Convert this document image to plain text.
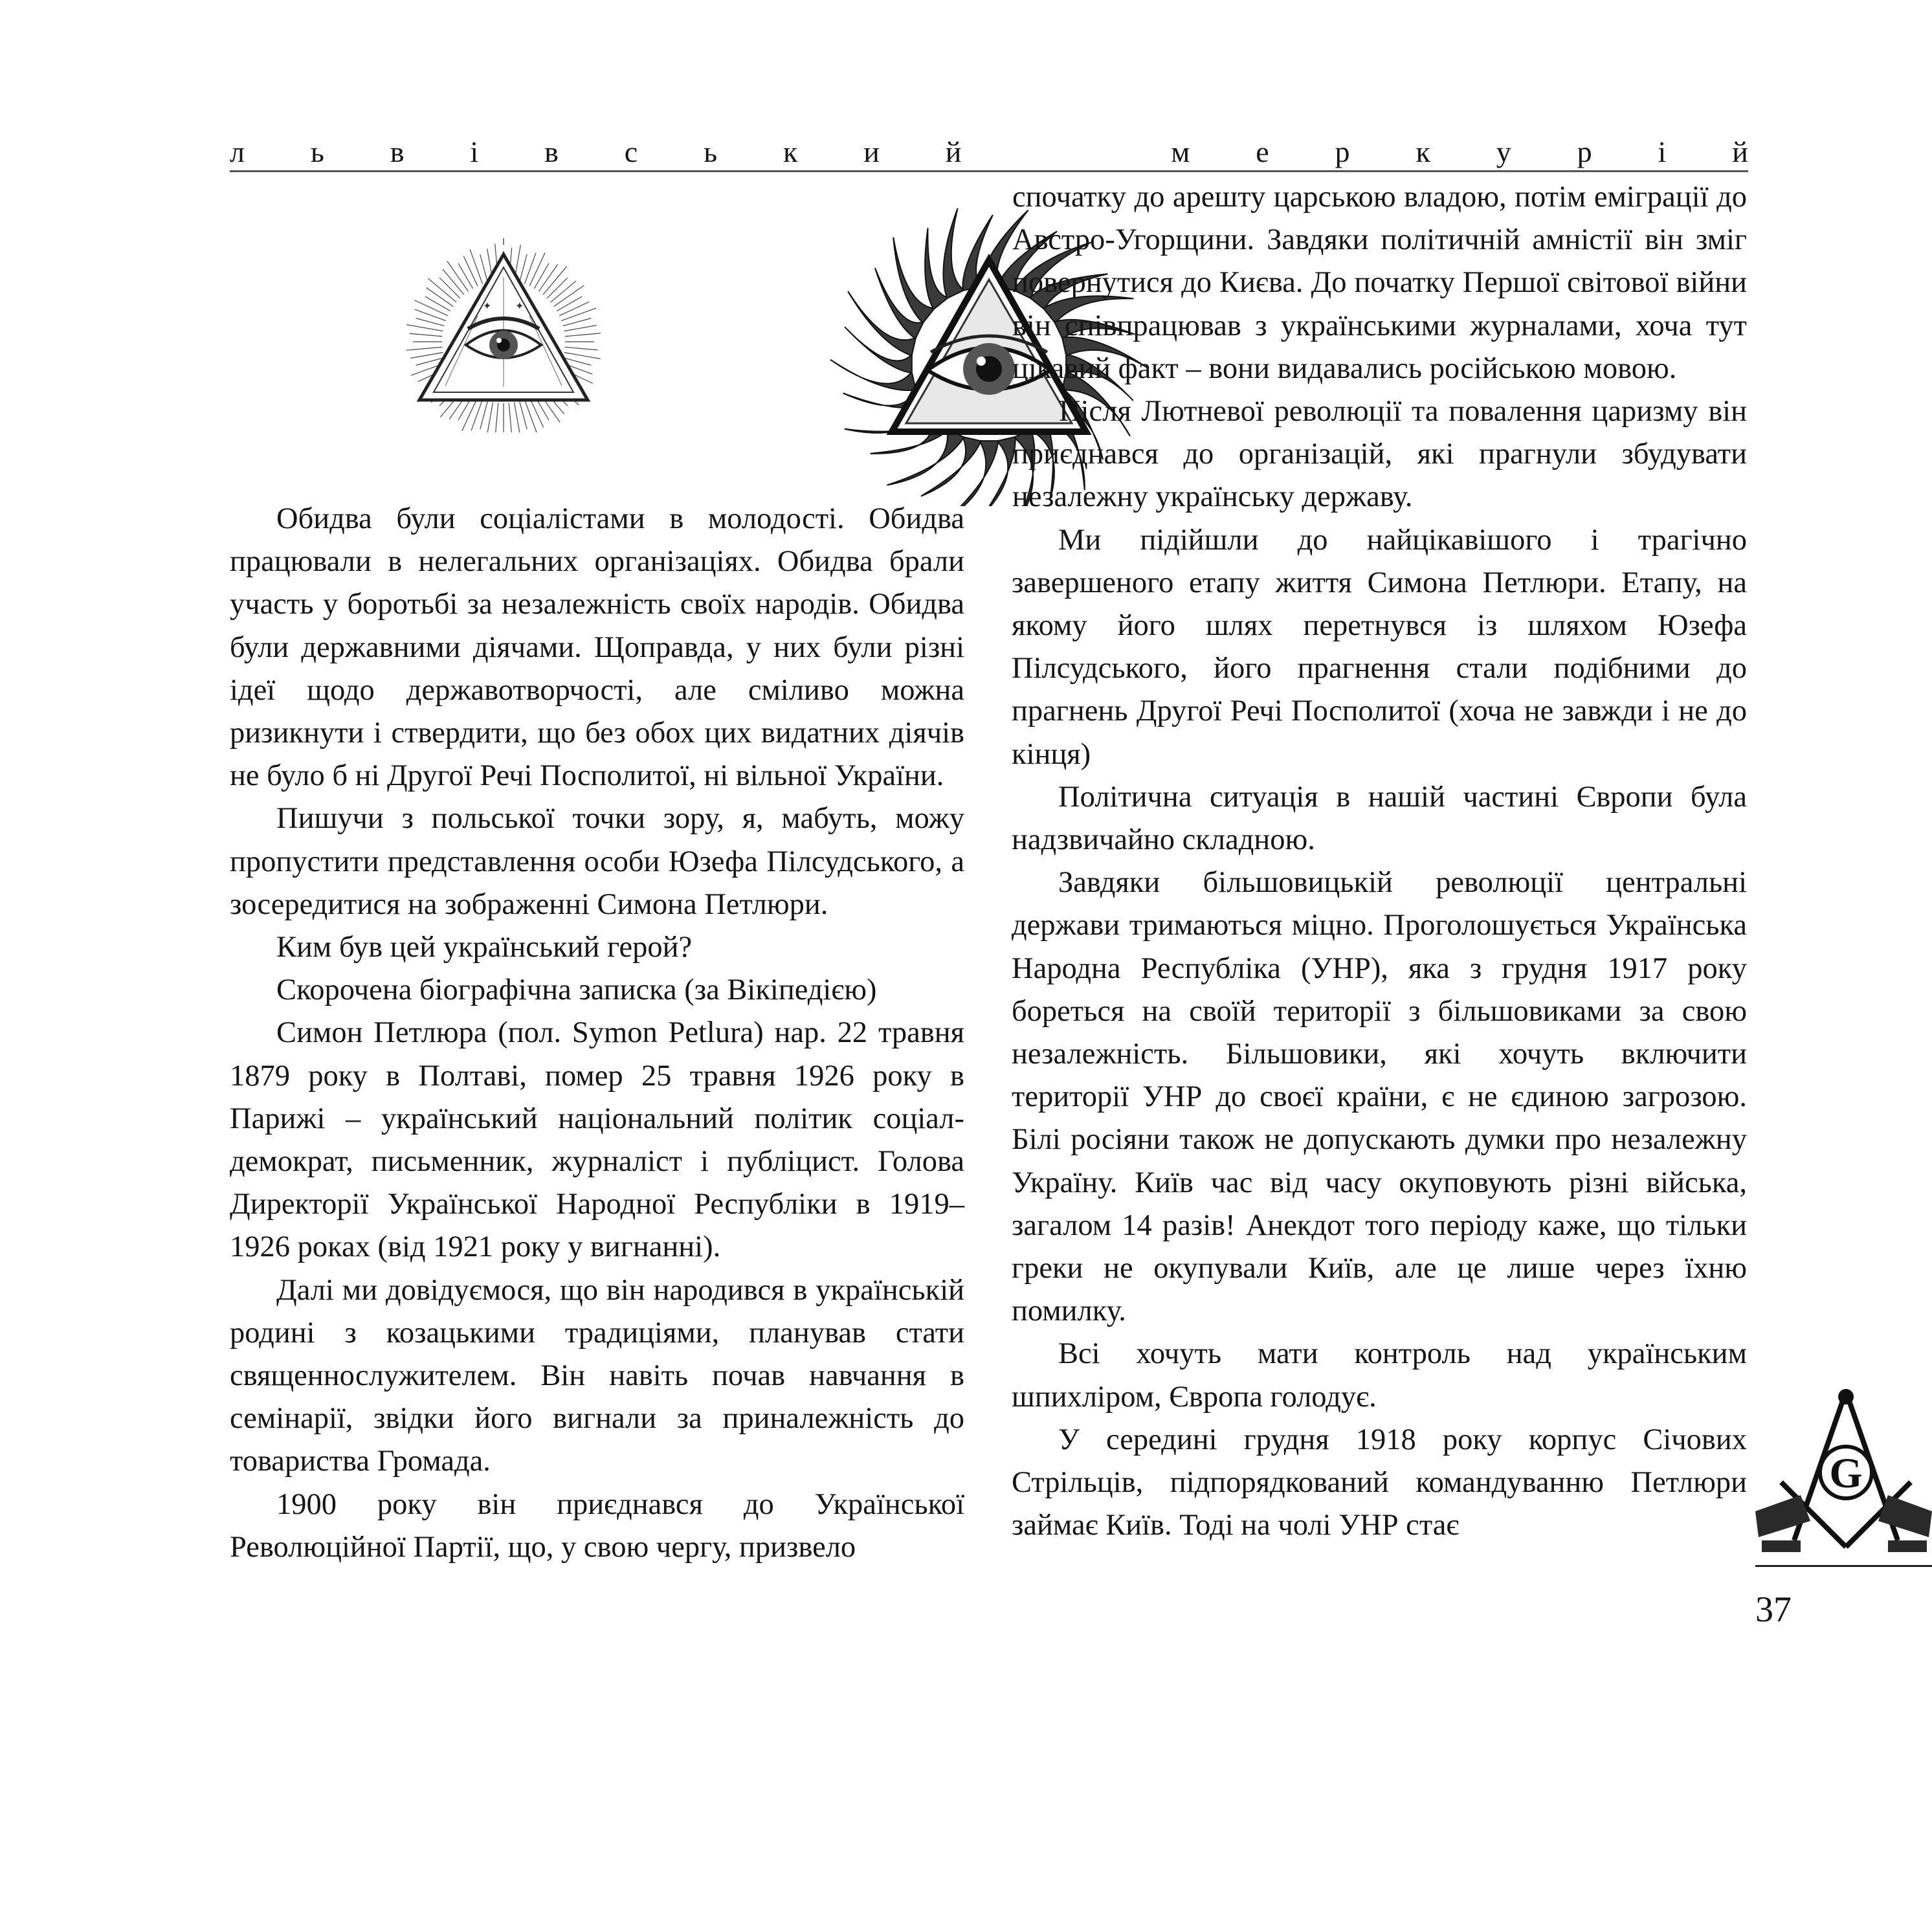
л ь в і в с ь к и й	м е р к у р і й
✦ ✦
G

Обидва були соціалістами в молодості. Обидва працювали в нелегальних організаціях. Обидва брали участь у боротьбі за незалежність своїх народів. Обидва були державними діячами. Щоправда, у них були різні ідеї щодо державотворчості, але сміливо можна ризикнути і ствердити, що без обох цих видатних діячів не було б ні Другої Речі Посполитої, ні вільної України.

Пишучи з польської точки зору, я, мабуть, можу пропустити представлення особи Юзефа Пілсудського, а зосередитися на зображенні Симона Петлюри.

Ким був цей український герой?

Скорочена біографічна записка (за Вікіпедією)

Симон Петлюра (пол. Symon Petlura) нар. 22 травня 1879 року в Полтаві, помер 25 травня 1926 року в Парижі – український національний політик соціал-демократ, письменник, журналіст і публіцист. Голова Директорії Української Народної Республіки в 1919–1926 роках (від 1921 року у вигнанні).

Далі ми довідуємося, що він народився в українській родині з козацькими традиціями, планував стати священнослужителем. Він навіть почав навчання в семінарії, звідки його вигнали за приналежність до товариства Громада.

1900 року він приєднався до Української Революційної Партії, що, у свою чергу, призвело

спочатку до арешту царською владою, потім еміграції до Австро-Угорщини. Завдяки політичній амністії він зміг повернутися до Києва. До початку Першої світової війни він співпрацював з українськими журналами, хоча тут цікавий факт – вони видавались російською мовою.

Після Лютневої революції та повалення царизму він приєднався до організацій, які прагнули збудувати незалежну українську державу.

Ми підійшли до найцікавішого і трагічно завершеного етапу життя Симона Петлюри. Етапу, на якому його шлях перетнувся із шляхом Юзефа Пілсудського, його прагнення стали подібними до прагнень Другої Речі Посполитої (хоча не завжди і не до кінця)

Політична ситуація в нашій частині Європи була надзвичайно складною.

Завдяки більшовицькій революції центральні держави тримаються міцно. Проголошується Українська Народна Республіка (УНР), яка з грудня 1917 року бореться на своїй території з більшовиками за свою незалежність. Більшовики, які хочуть включити території УНР до своєї країни, є не єдиною загрозою. Білі росіяни також не допускають думки про незалежну Україну. Київ час від часу окуповують різні війська, загалом 14 разів! Анекдот того періоду каже, що тільки греки не окупували Київ, але це лише через їхню помилку.

Всі хочуть мати контроль над українським шпихліром, Європа голодує.

У середині грудня 1918 року корпус Січових Стрільців, підпорядкований командуванню Петлюри займає Київ. Тоді на чолі УНР стає

37
